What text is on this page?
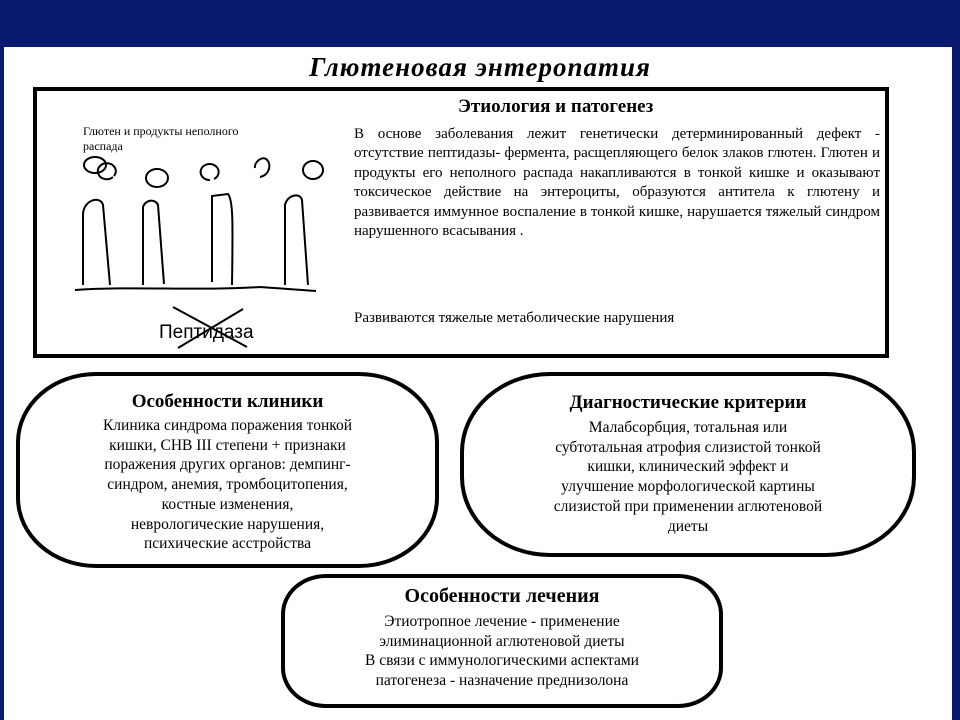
Глютеновая энтеропатия
Этиология и патогенез
В основе заболевания лежит генетически детерминированный дефект - отсутствие пептидазы- фермента, расщепляющего белок злаков глютен. Глютен и продукты его неполного распада накапливаются в тонкой кишке и оказывают токсическое действие на энтероциты, образуются антитела к глютену и развивается иммунное воспаление в тонкой кишке, нарушается тяжелый синдром нарушенного всасывания .
Развиваются тяжелые метаболические нарушения
Глютен и продукты неполного распада
Пептидаза
Особенности клиники
Клиника синдрома поражения тонкой
кишки, СНВ III степени + признаки
поражения других органов: демпинг-
синдром, анемия, тромбоцитопения,
костные изменения,
неврологические нарушения,
психические асстройства
Диагностические критерии
Малабсорбция, тотальная или
субтотальная атрофия слизистой тонкой
кишки, клинический эффект и
улучшение морфологической картины
слизистой при применении аглютеновой
диеты
Особенности лечения
Этиотропное лечение - применение
элиминационной аглютеновой диеты
В связи с иммунологическими аспектами
патогенеза - назначение преднизолона
